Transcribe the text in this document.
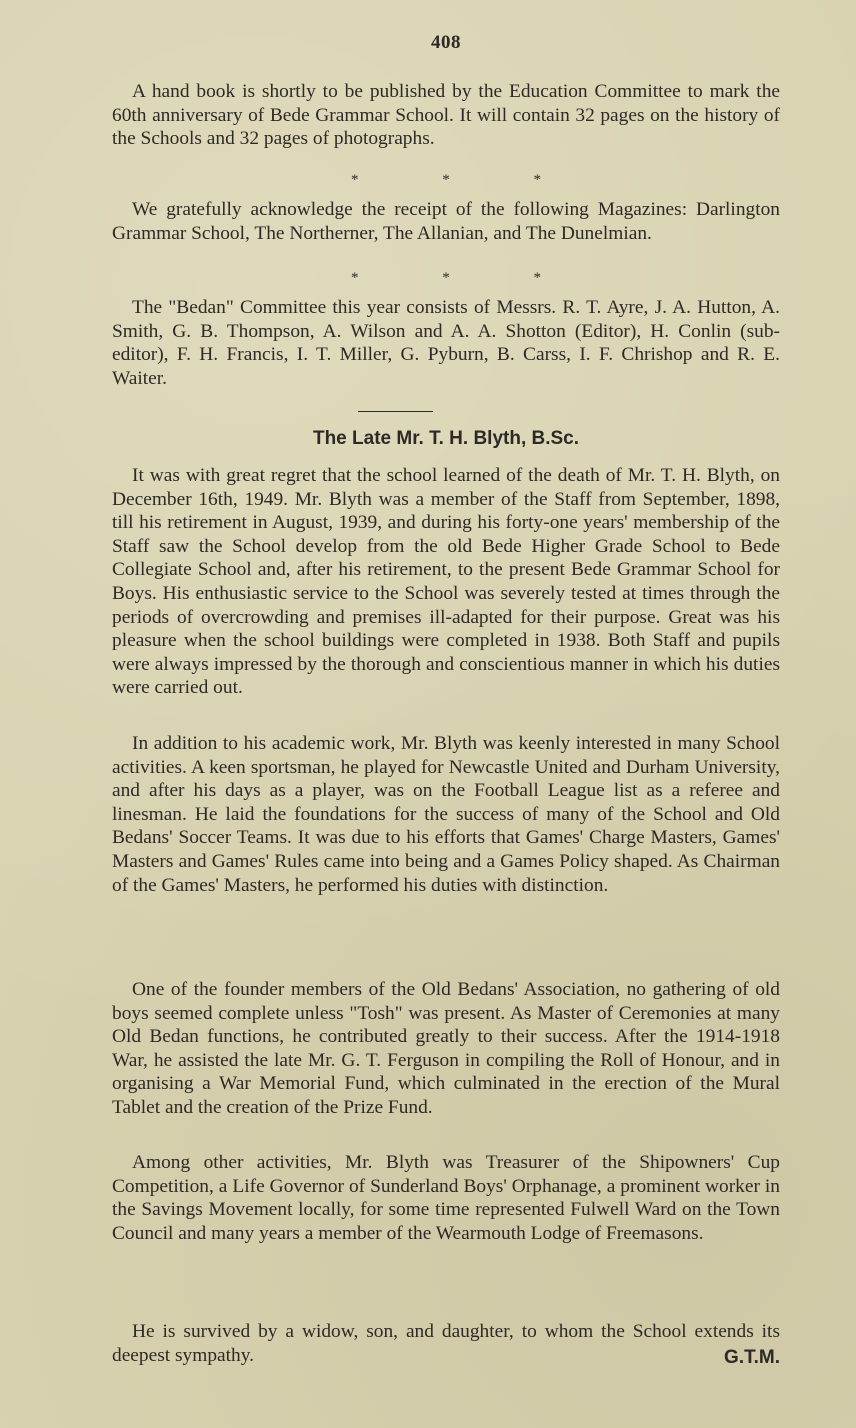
408

A hand book is shortly to be published by the Education Committee to mark the 60th anniversary of Bede Grammar School. It will contain 32 pages on the history of the Schools and 32 pages of photographs.

* * *

We gratefully acknowledge the receipt of the following Magazines: Darlington Grammar School, The Northerner, The Allanian, and The Dunelmian.

* * *

The "Bedan" Committee this year consists of Messrs. R. T. Ayre, J. A. Hutton, A. Smith, G. B. Thompson, A. Wilson and A. A. Shotton (Editor), H. Conlin (sub-editor), F. H. Francis, I. T. Miller, G. Pyburn, B. Carss, I. F. Chrishop and R. E. Waiter.

The Late Mr. T. H. Blyth, B.Sc.

It was with great regret that the school learned of the death of Mr. T. H. Blyth, on December 16th, 1949. Mr. Blyth was a member of the Staff from September, 1898, till his retirement in August, 1939, and during his forty-one years' membership of the Staff saw the School develop from the old Bede Higher Grade School to Bede Collegiate School and, after his retirement, to the present Bede Grammar School for Boys. His enthusiastic service to the School was severely tested at times through the periods of overcrowding and premises ill-adapted for their purpose. Great was his pleasure when the school buildings were completed in 1938. Both Staff and pupils were always impressed by the thorough and conscientious manner in which his duties were carried out.

In addition to his academic work, Mr. Blyth was keenly interested in many School activities. A keen sportsman, he played for Newcastle United and Durham University, and after his days as a player, was on the Football League list as a referee and linesman. He laid the foundations for the success of many of the School and Old Bedans' Soccer Teams. It was due to his efforts that Games' Charge Masters, Games' Masters and Games' Rules came into being and a Games Policy shaped. As Chairman of the Games' Masters, he performed his duties with distinction.

One of the founder members of the Old Bedans' Association, no gathering of old boys seemed complete unless "Tosh" was present. As Master of Ceremonies at many Old Bedan functions, he contributed greatly to their success. After the 1914-1918 War, he assisted the late Mr. G. T. Ferguson in compiling the Roll of Honour, and in organising a War Memorial Fund, which culminated in the erection of the Mural Tablet and the creation of the Prize Fund.

Among other activities, Mr. Blyth was Treasurer of the Shipowners' Cup Competition, a Life Governor of Sunderland Boys' Orphanage, a prominent worker in the Savings Movement locally, for some time represented Fulwell Ward on the Town Council and many years a member of the Wearmouth Lodge of Freemasons.

He is survived by a widow, son, and daughter, to whom the School extends its deepest sympathy.	G.T.M.
